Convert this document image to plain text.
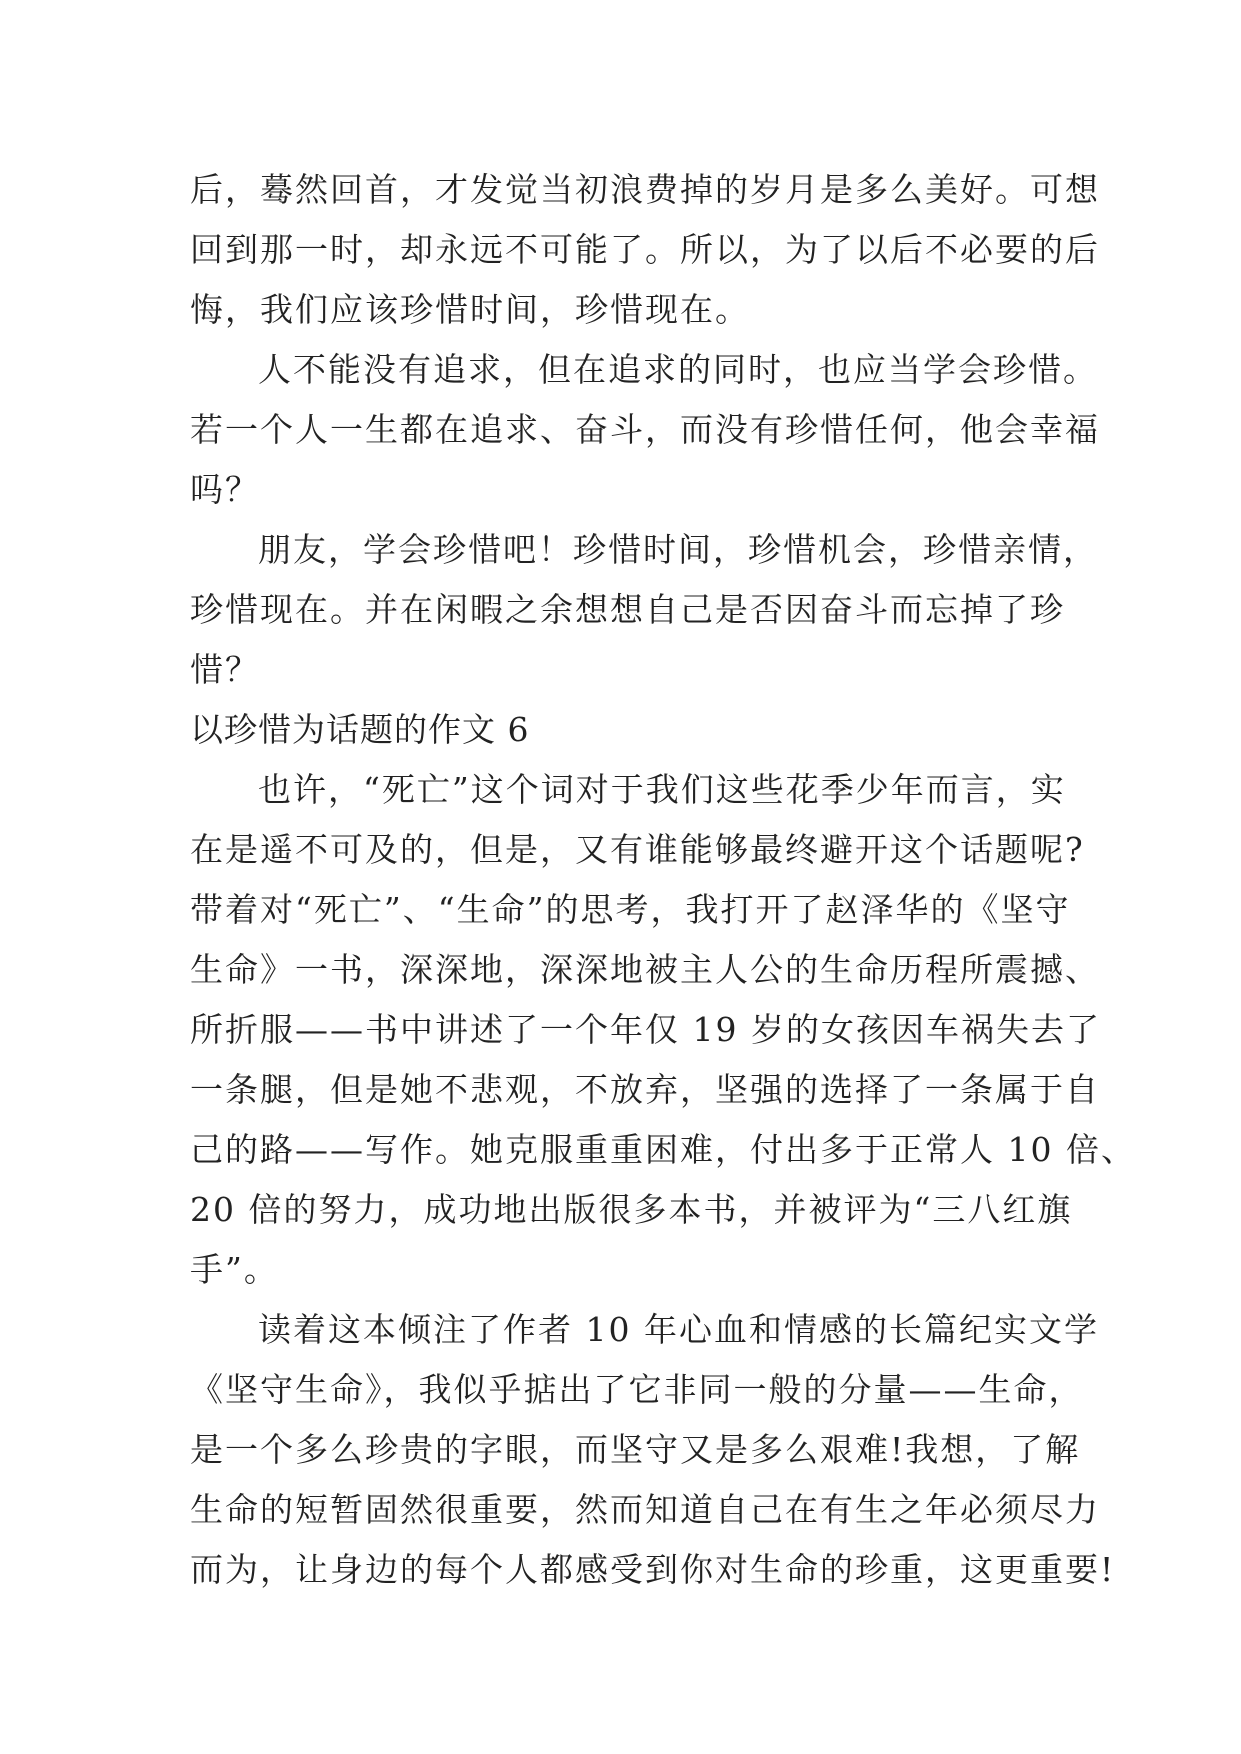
后，蓦然回首，才发觉当初浪费掉的岁月是多么美好。可想
回到那一时，却永远不可能了。所以，为了以后不必要的后
悔，我们应该珍惜时间，珍惜现在。
人不能没有追求，但在追求的同时，也应当学会珍惜。
若一个人一生都在追求、奋斗，而没有珍惜任何，他会幸福
吗？
朋友，学会珍惜吧！珍惜时间，珍惜机会，珍惜亲情，
珍惜现在。并在闲暇之余想想自己是否因奋斗而忘掉了珍
惜？
以珍惜为话题的作文 6
也许，“死亡”这个词对于我们这些花季少年而言，实
在是遥不可及的，但是，又有谁能够最终避开这个话题呢?
带着对“死亡”、“生命”的思考，我打开了赵泽华的《坚守
生命》一书，深深地，深深地被主人公的生命历程所震撼、
所折服——书中讲述了一个年仅 19 岁的女孩因车祸失去了
一条腿，但是她不悲观，不放弃，坚强的选择了一条属于自
己的路——写作。她克服重重困难，付出多于正常人 10 倍、
20 倍的努力，成功地出版很多本书，并被评为“三八红旗
手”。
读着这本倾注了作者 10 年心血和情感的长篇纪实文学
《坚守生命》，我似乎掂出了它非同一般的分量——生命，
是一个多么珍贵的字眼，而坚守又是多么艰难!我想，了解
生命的短暂固然很重要，然而知道自己在有生之年必须尽力
而为，让身边的每个人都感受到你对生命的珍重，这更重要!
